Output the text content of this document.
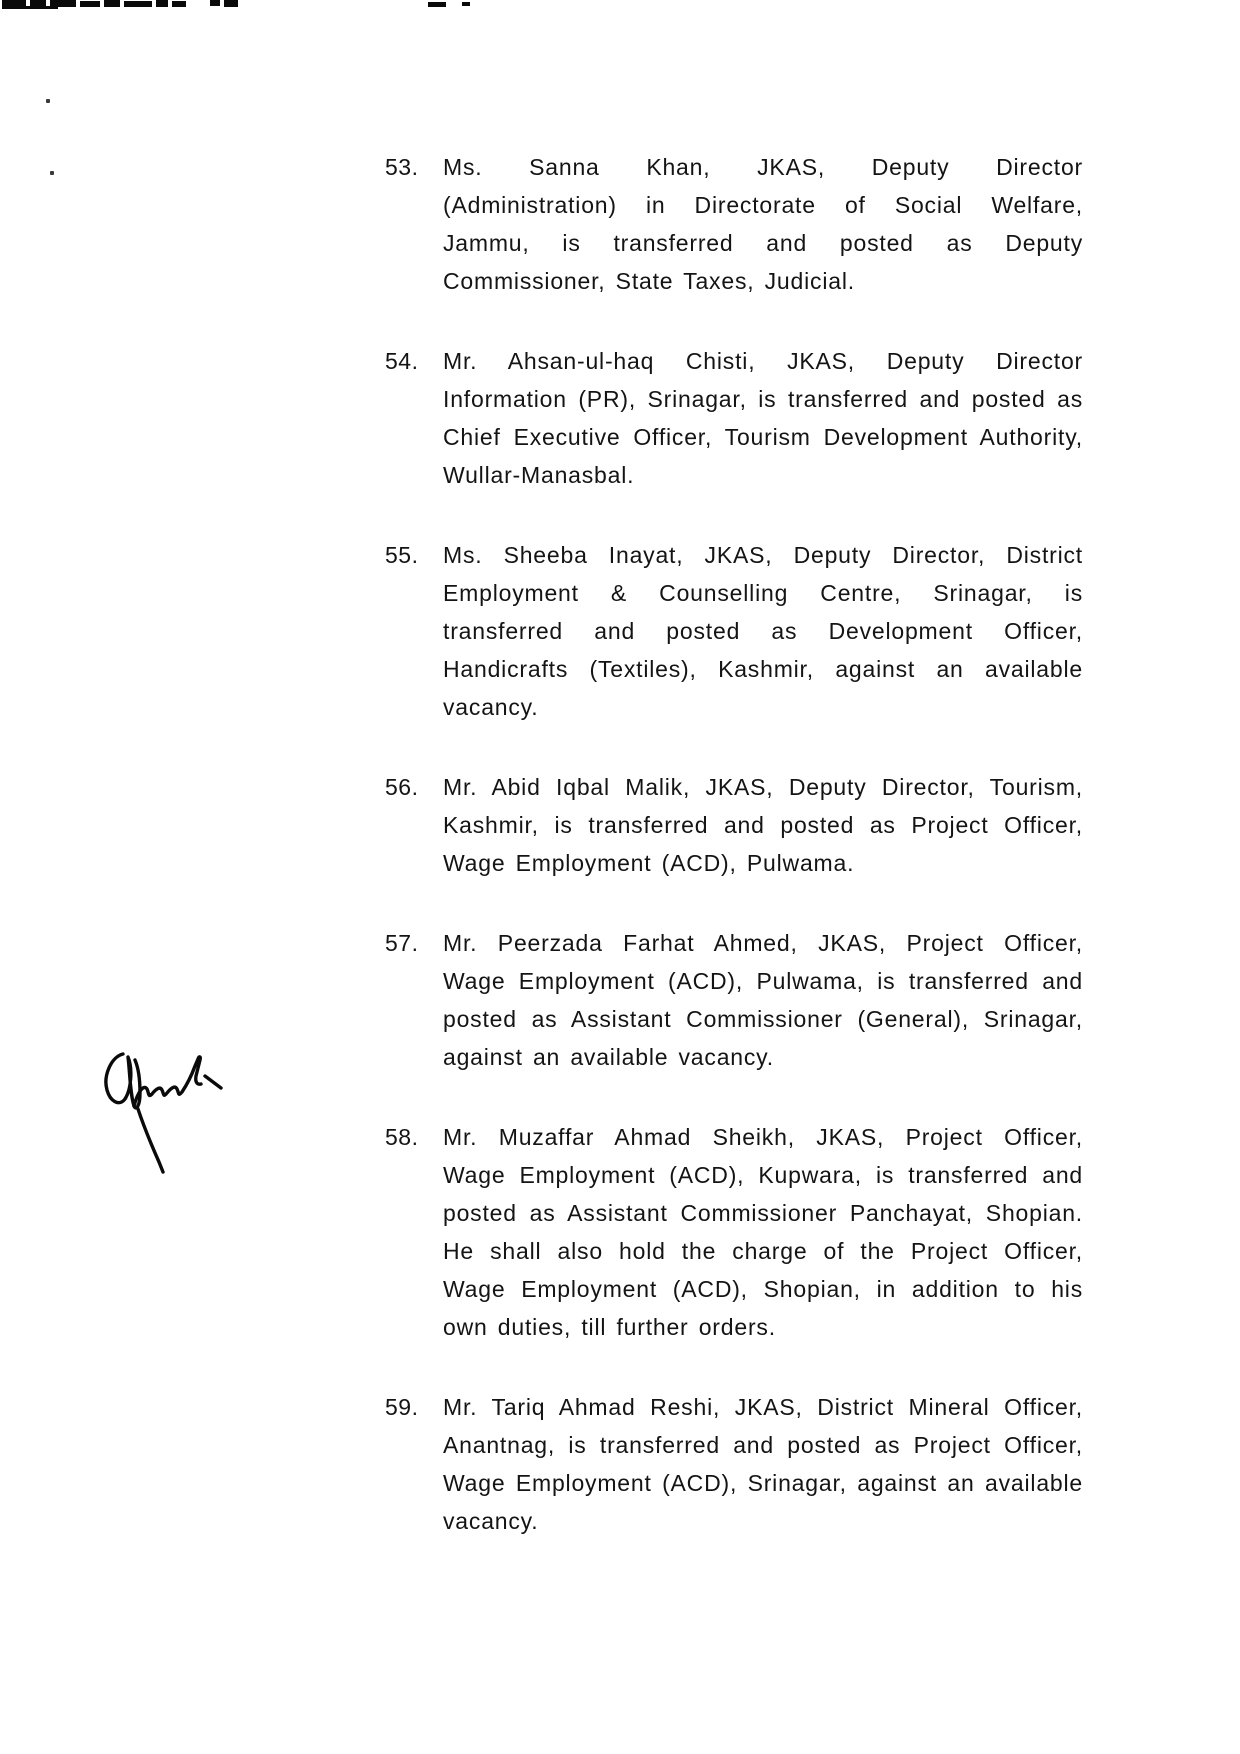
53. Ms. Sanna Khan, JKAS, Deputy Director (Administration) in Directorate of Social Welfare, Jammu, is transferred and posted as Deputy Commissioner, State Taxes, Judicial.

54. Mr. Ahsan-ul-haq Chisti, JKAS, Deputy Director Information (PR), Srinagar, is transferred and posted as Chief Executive Officer, Tourism Development Authority, Wullar-Manasbal.

55. Ms. Sheeba Inayat, JKAS, Deputy Director, District Employment & Counselling Centre, Srinagar, is transferred and posted as Development Officer, Handicrafts (Textiles), Kashmir, against an available vacancy.

56. Mr. Abid Iqbal Malik, JKAS, Deputy Director, Tourism, Kashmir, is transferred and posted as Project Officer, Wage Employment (ACD), Pulwama.

57. Mr. Peerzada Farhat Ahmed, JKAS, Project Officer, Wage Employment (ACD), Pulwama, is transferred and posted as Assistant Commissioner (General), Srinagar, against an available vacancy.

58. Mr. Muzaffar Ahmad Sheikh, JKAS, Project Officer, Wage Employment (ACD), Kupwara, is transferred and posted as Assistant Commissioner Panchayat, Shopian. He shall also hold the charge of the Project Officer, Wage Employment (ACD), Shopian, in addition to his own duties, till further orders.

59. Mr. Tariq Ahmad Reshi, JKAS, District Mineral Officer, Anantnag, is transferred and posted as Project Officer, Wage Employment (ACD), Srinagar, against an available vacancy.
